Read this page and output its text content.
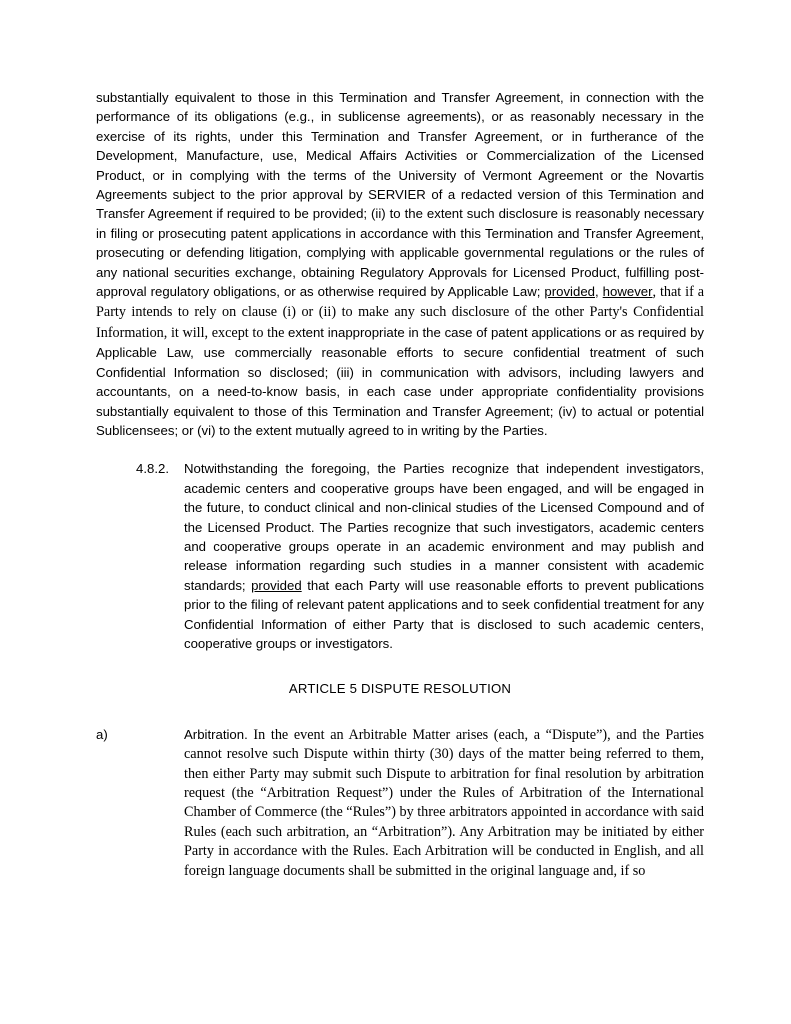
substantially equivalent to those in this Termination and Transfer Agreement, in connection with the performance of its obligations (e.g., in sublicense agreements), or as reasonably necessary in the exercise of its rights, under this Termination and Transfer Agreement, or in furtherance of the Development, Manufacture, use, Medical Affairs Activities or Commercialization of the Licensed Product, or in complying with the terms of the University of Vermont Agreement or the Novartis Agreements subject to the prior approval by SERVIER of a redacted version of this Termination and Transfer Agreement if required to be provided; (ii) to the extent such disclosure is reasonably necessary in filing or prosecuting patent applications in accordance with this Termination and Transfer Agreement, prosecuting or defending litigation, complying with applicable governmental regulations or the rules of any national securities exchange, obtaining Regulatory Approvals for Licensed Product, fulfilling post-approval regulatory obligations, or as otherwise required by Applicable Law; provided, however, that if a Party intends to rely on clause (i) or (ii) to make any such disclosure of the other Party's Confidential Information, it will, except to the extent inappropriate in the case of patent applications or as required by Applicable Law, use commercially reasonable efforts to secure confidential treatment of such Confidential Information so disclosed; (iii) in communication with advisors, including lawyers and accountants, on a need-to-know basis, in each case under appropriate confidentiality provisions substantially equivalent to those of this Termination and Transfer Agreement; (iv) to actual or potential Sublicensees; or (vi) to the extent mutually agreed to in writing by the Parties.

4.8.2.	Notwithstanding the foregoing, the Parties recognize that independent investigators, academic centers and cooperative groups have been engaged, and will be engaged in the future, to conduct clinical and non-clinical studies of the Licensed Compound and of the Licensed Product. The Parties recognize that such investigators, academic centers and cooperative groups operate in an academic environment and may publish and release information regarding such studies in a manner consistent with academic standards; provided that each Party will use reasonable efforts to prevent publications prior to the filing of relevant patent applications and to seek confidential treatment for any Confidential Information of either Party that is disclosed to such academic centers, cooperative groups or investigators.

ARTICLE 5 DISPUTE RESOLUTION

a)	Arbitration. In the event an Arbitrable Matter arises (each, a “Dispute”), and the Parties cannot resolve such Dispute within thirty (30) days of the matter being referred to them, then either Party may submit such Dispute to arbitration for final resolution by arbitration request (the “Arbitration Request”) under the Rules of Arbitration of the International Chamber of Commerce (the “Rules”) by three arbitrators appointed in accordance with said Rules (each such arbitration, an “Arbitration”). Any Arbitration may be initiated by either Party in accordance with the Rules. Each Arbitration will be conducted in English, and all foreign language documents shall be submitted in the original language and, if so
